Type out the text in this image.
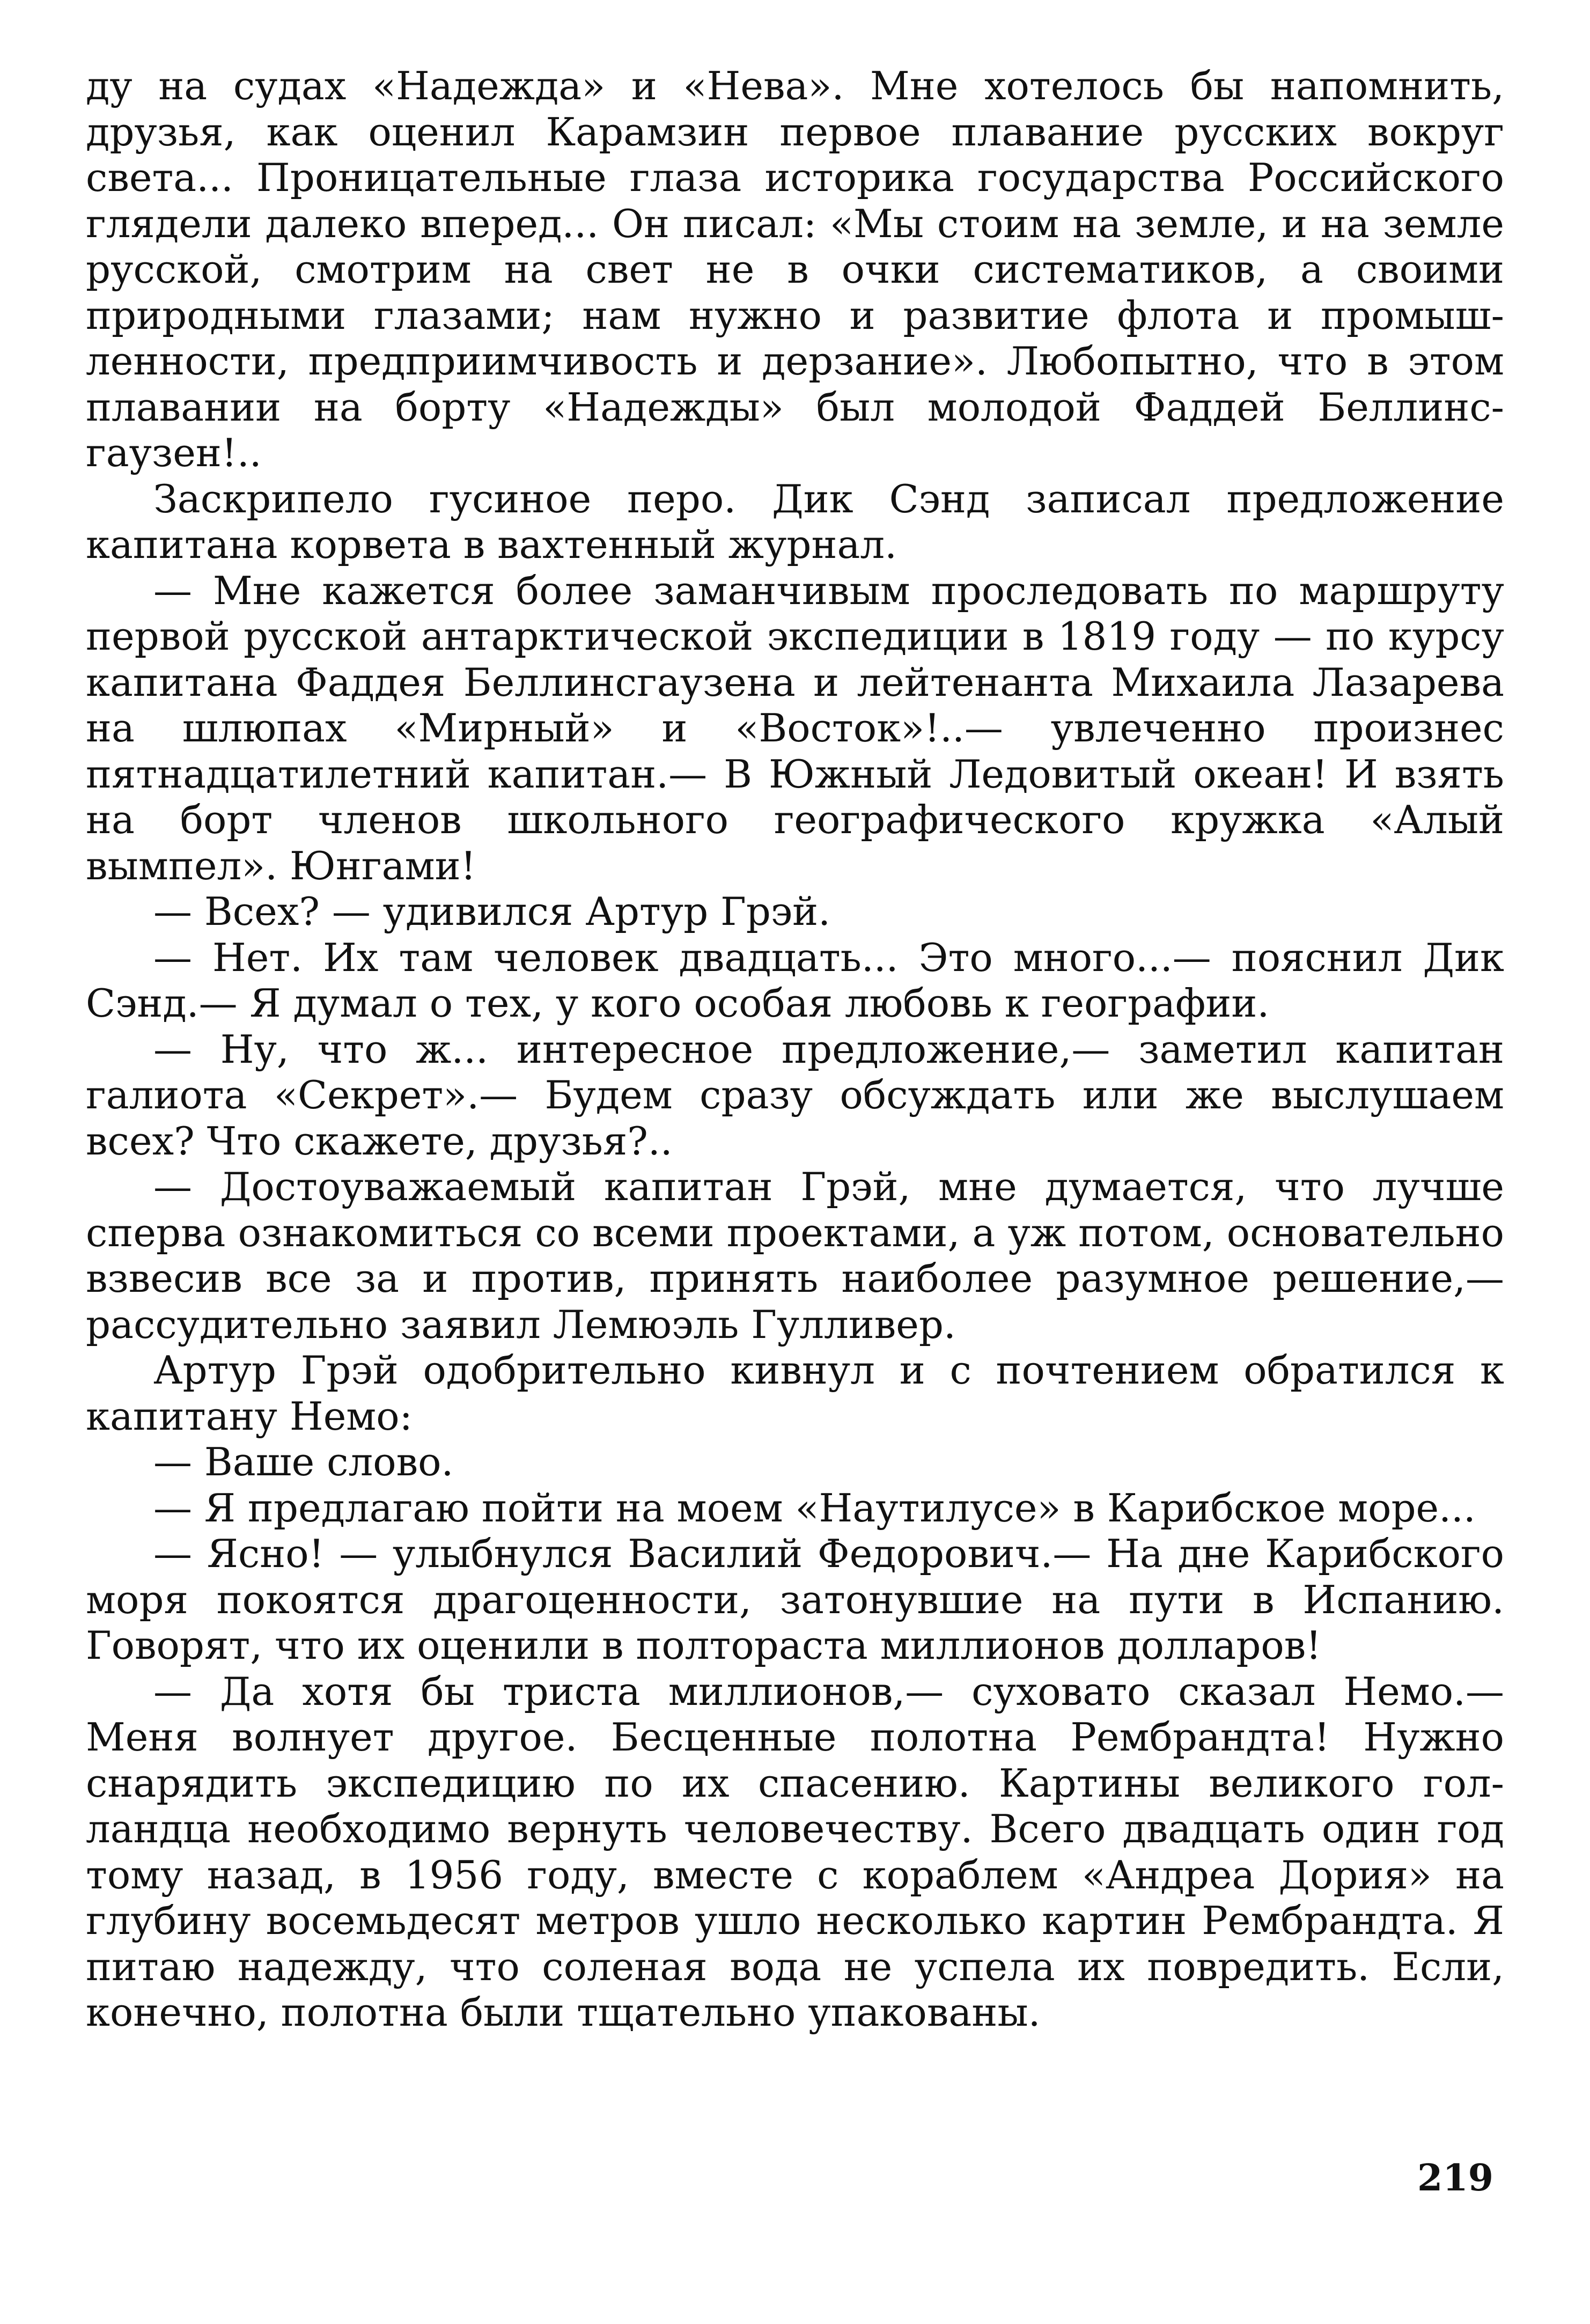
ду на судах «Надежда» и «Нева». Мне хотелось бы напомнить, друзья, как оценил Карамзин первое плавание русских вокруг света... Проницательные глаза историка государства Российского глядели далеко вперед... Он писал: «Мы стоим на земле, и на земле русской, смотрим на свет не в очки систематиков, а своими природными глазами; нам нужно и развитие флота и промышленности, предприимчивость и дерзание». Любопытно, что в этом плавании на борту «Надежды» был молодой Фаддей Беллинсгаузен!..

Заскрипело гусиное перо. Дик Сэнд записал предложение капитана корвета в вахтенный журнал.

— Мне кажется более заманчивым проследовать по маршруту первой русской антарктической экспедиции в 1819 году — по курсу капитана Фаддея Беллинсгаузена и лейтенанта Михаила Лазарева на шлюпах «Мирный» и «Восток»!..— увлеченно произнес пятнадцатилетний капитан.— В Южный Ледовитый океан! И взять на борт членов школьного географического кружка «Алый вымпел». Юнгами!

— Всех? — удивился Артур Грэй.

— Нет. Их там человек двадцать... Это много...— пояснил Дик Сэнд.— Я думал о тех, у кого особая любовь к географии.

— Ну, что ж... интересное предложение,— заметил капитан галиота «Секрет».— Будем сразу обсуждать или же выслушаем всех? Что скажете, друзья?..

— Достоуважаемый капитан Грэй, мне думается, что лучше сперва ознакомиться со всеми проектами, а уж потом, основательно взвесив все за и против, принять наиболее разумное решение,— рассудительно заявил Лемюэль Гулливер.

Артур Грэй одобрительно кивнул и с почтением обратился к капитану Немо:

— Ваше слово.

— Я предлагаю пойти на моем «Наутилусе» в Карибское море...

— Ясно! — улыбнулся Василий Федорович.— На дне Карибского моря покоятся драгоценности, затонувшие на пути в Испанию. Говорят, что их оценили в полтораста миллионов долларов!

— Да хотя бы триста миллионов,— суховато сказал Немо.— Меня волнует другое. Бесценные полотна Рембрандта! Нужно снарядить экспедицию по их спасению. Картины великого голландца необходимо вернуть человечеству. Всего двадцать один год тому назад, в 1956 году, вместе с кораблем «Андреа Дория» на глубину восемьдесят метров ушло несколько картин Рембрандта. Я питаю надежду, что соленая вода не успела их повредить. Если, конечно, полотна были тщательно упакованы.

219
